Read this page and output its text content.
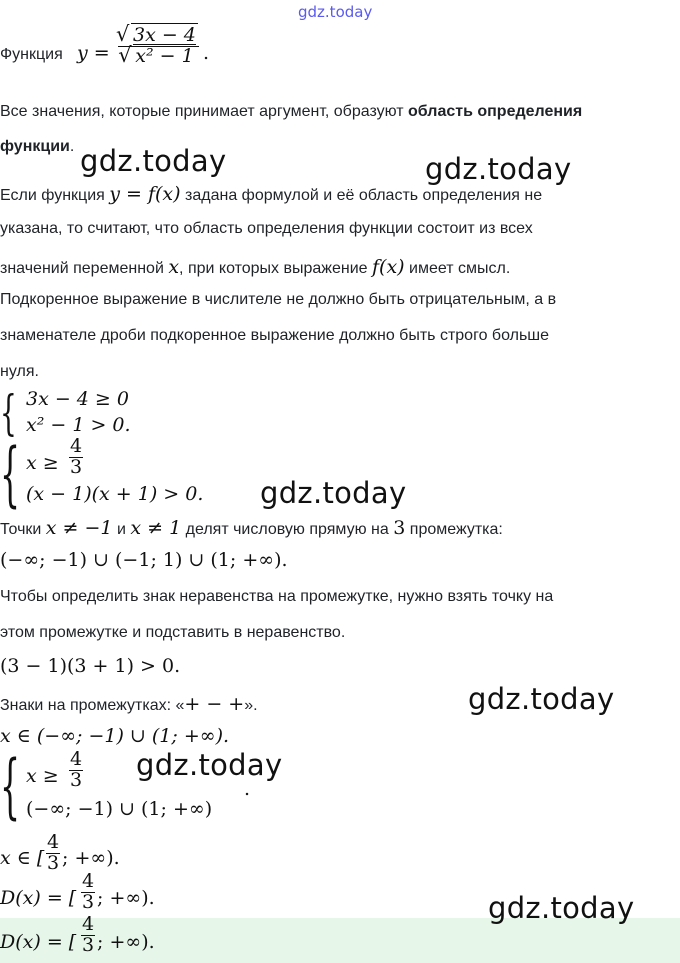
gdz.today
Функция y =
√ 3x − 4
√ x² − 1 .
Все значения, которые принимает аргумент, образуют область определения
функции.
Если функция y = f(x) задана формулой и её область определения не
указана, то считают, что область определения функции состоит из всех
значений переменной x, при которых выражение f(x) имеет смысл.
Подкоренное выражение в числителе не должно быть отрицательным, а в
знаменателе дроби подкоренное выражение должно быть строго больше
нуля.
{ 3x − 4 ≥ 0
x² − 1 > 0.
{ $x \ge \frac{4}{3}$
(x − 1)(x + 1) > 0.
Точки x ≠ −1 и x ≠ 1 делят числовую прямую на 3 промежутка:
(−∞; −1) ∪ (−1; 1) ∪ (1; +∞).
Чтобы определить знак неравенства на промежутке, нужно взять точку на
этом промежутке и подставить в неравенство.
(3 − 1)(3 + 1) > 0.
Знаки на промежутках: «+ − +».
x ∈ (−∞; −1) ∪ (1; +∞).
{ $x \ge \frac{4}{3}$
(−∞; −1) ∪ (1; +∞)
.
x ∈ [ $\frac{4}{3}$ ; +∞).
D(x) = [ $\frac{4}{3}$ ; +∞).
D(x) = [ $\frac{4}{3}$ ; +∞).
gdz.today	gdz.today
gdz.today
gdz.today
gdz.today
gdz.today
